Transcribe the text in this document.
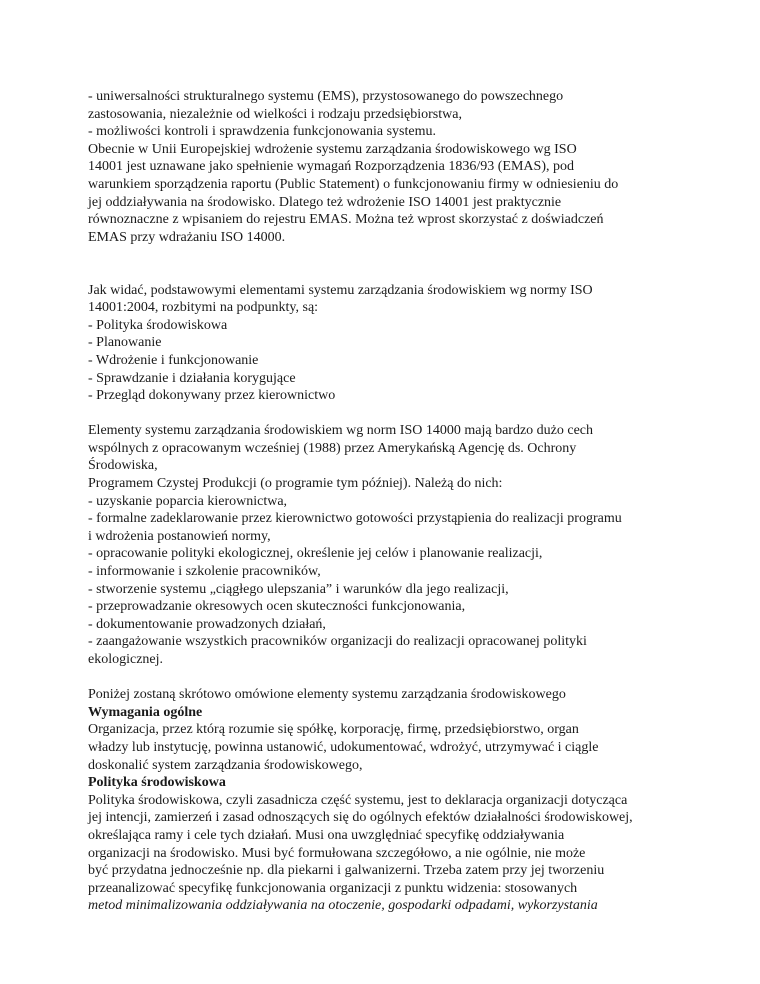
- uniwersalności strukturalnego systemu (EMS), przystosowanego do powszechnego
zastosowania, niezależnie od wielkości i rodzaju przedsiębiorstwa,
- możliwości kontroli i sprawdzenia funkcjonowania systemu.
Obecnie w Unii Europejskiej wdrożenie systemu zarządzania środowiskowego wg ISO
14001 jest uznawane jako spełnienie wymagań Rozporządzenia 1836/93 (EMAS), pod
warunkiem sporządzenia raportu (Public Statement) o funkcjonowaniu firmy w odniesieniu do
jej oddziaływania na środowisko. Dlatego też wdrożenie ISO 14001 jest praktycznie
równoznaczne z wpisaniem do rejestru EMAS. Można też wprost skorzystać z doświadczeń
EMAS przy wdrażaniu ISO 14000.
Jak widać, podstawowymi elementami systemu zarządzania środowiskiem wg normy ISO
14001:2004, rozbitymi na podpunkty, są:
- Polityka środowiskowa
- Planowanie
- Wdrożenie i funkcjonowanie
- Sprawdzanie i działania korygujące
- Przegląd dokonywany przez kierownictwo
Elementy systemu zarządzania środowiskiem wg norm ISO 14000 mają bardzo dużo cech
wspólnych z opracowanym wcześniej (1988) przez Amerykańską Agencję ds. Ochrony
Środowiska,
Programem Czystej Produkcji (o programie tym później). Należą do nich:
- uzyskanie poparcia kierownictwa,
- formalne zadeklarowanie przez kierownictwo gotowości przystąpienia do realizacji programu
i wdrożenia postanowień normy,
- opracowanie polityki ekologicznej, określenie jej celów i planowanie realizacji,
- informowanie i szkolenie pracowników,
- stworzenie systemu „ciągłego ulepszania” i warunków dla jego realizacji,
- przeprowadzanie okresowych ocen skuteczności funkcjonowania,
- dokumentowanie prowadzonych działań,
- zaangażowanie wszystkich pracowników organizacji do realizacji opracowanej polityki
ekologicznej.
Poniżej zostaną skrótowo omówione elementy systemu zarządzania środowiskowego
Wymagania ogólne
Organizacja, przez którą rozumie się spółkę, korporację, firmę, przedsiębiorstwo, organ
władzy lub instytucję, powinna ustanowić, udokumentować, wdrożyć, utrzymywać i ciągle
doskonalić system zarządzania środowiskowego,
Polityka środowiskowa
Polityka środowiskowa, czyli zasadnicza część systemu, jest to deklaracja organizacji dotycząca
jej intencji, zamierzeń i zasad odnoszących się do ogólnych efektów działalności środowiskowej,
określająca ramy i cele tych działań. Musi ona uwzględniać specyfikę oddziaływania
organizacji na środowisko. Musi być formułowana szczegółowo, a nie ogólnie, nie może
być przydatna jednocześnie np. dla piekarni i galwanizerni. Trzeba zatem przy jej tworzeniu
przeanalizować specyfikę funkcjonowania organizacji z punktu widzenia: stosowanych
metod minimalizowania oddziaływania na otoczenie, gospodarki odpadami, wykorzystania
